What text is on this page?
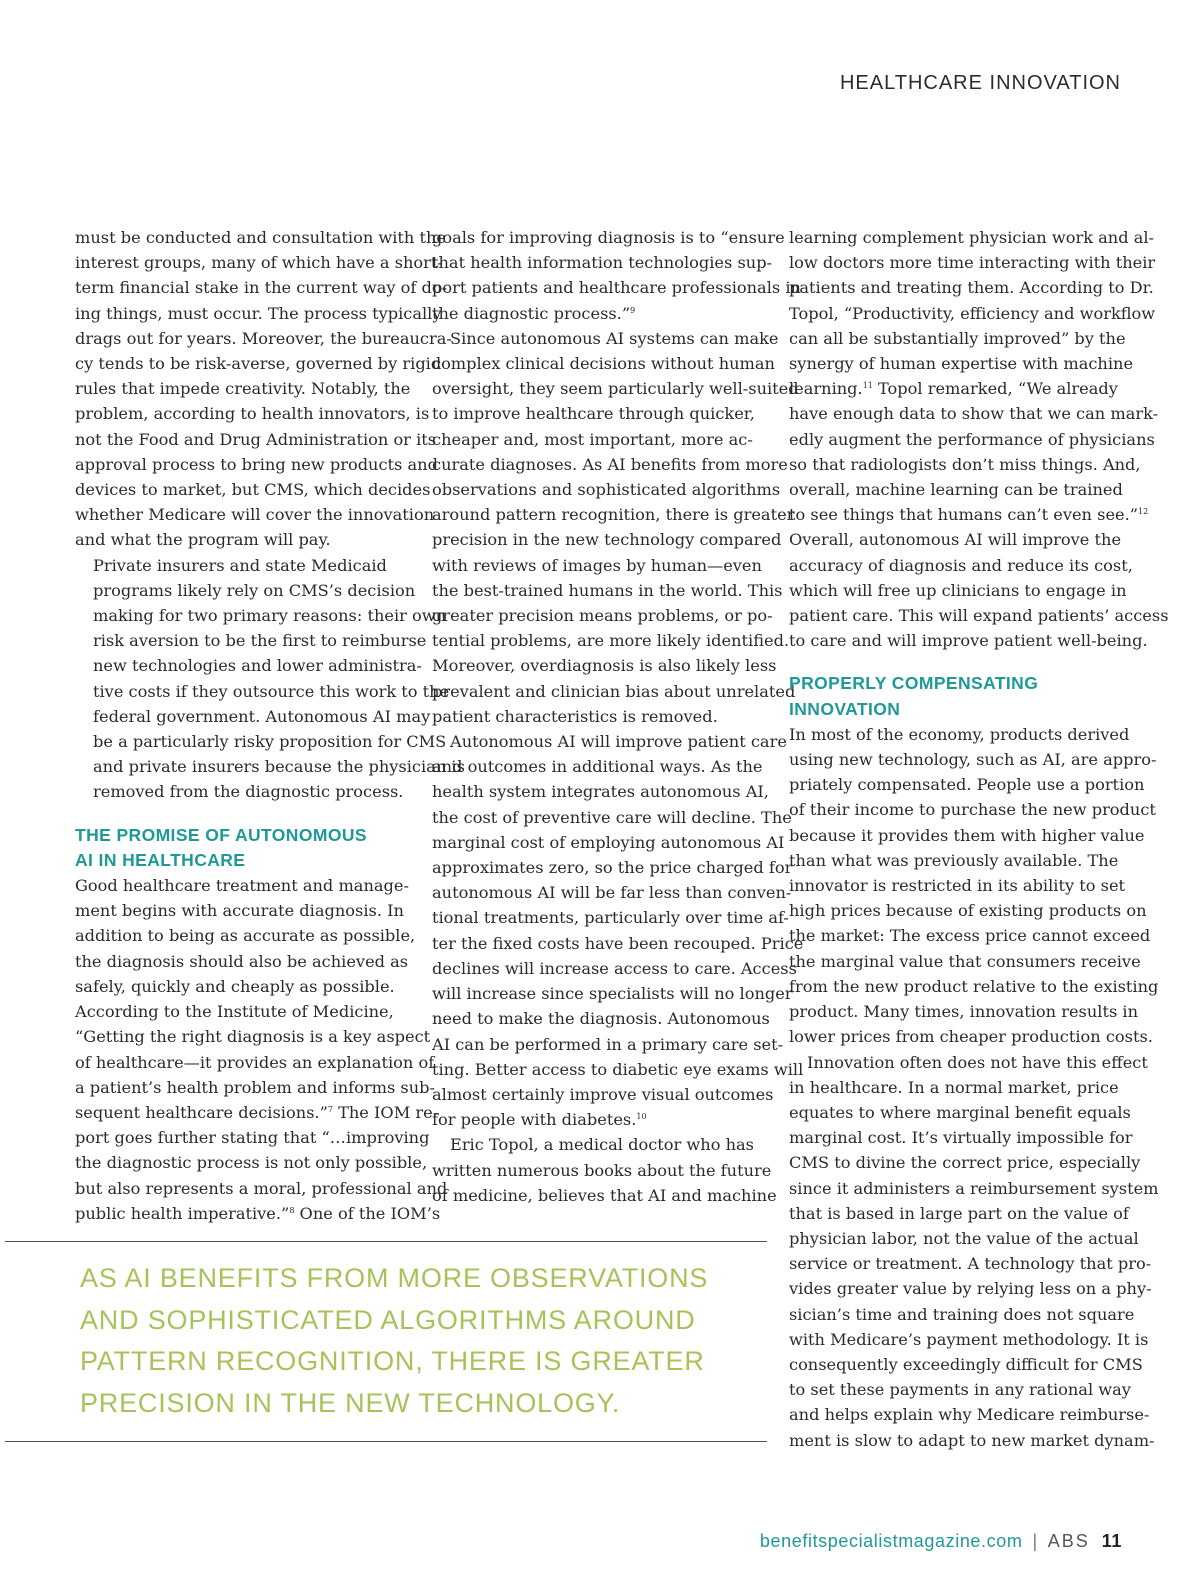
HEALTHCARE INNOVATION

must be conducted and consultation with the
interest groups, many of which have a short-
term financial stake in the current way of do-
ing things, must occur. The process typically
drags out for years. Moreover, the bureaucra-
cy tends to be risk-averse, governed by rigid
rules that impede creativity. Notably, the
problem, according to health innovators, is
not the Food and Drug Administration or its
approval process to bring new products and
devices to market, but CMS, which decides
whether Medicare will cover the innovation
and what the program will pay.

Private insurers and state Medicaid
programs likely rely on CMS’s decision
making for two primary reasons: their own
risk aversion to be the first to reimburse
new technologies and lower administra-
tive costs if they outsource this work to the
federal government. Autonomous AI may
be a particularly risky proposition for CMS
and private insurers because the physician is
removed from the diagnostic process.

THE PROMISE OF AUTONOMOUS
AI IN HEALTHCARE

Good healthcare treatment and manage-
ment begins with accurate diagnosis. In
addition to being as accurate as possible,
the diagnosis should also be achieved as
safely, quickly and cheaply as possible.
According to the Institute of Medicine,
“Getting the right diagnosis is a key aspect
of healthcare—it provides an explanation of
a patient’s health problem and informs sub-
sequent healthcare decisions.”$^7$ The IOM re-
port goes further stating that “…improving
the diagnostic process is not only possible,
but also represents a moral, professional and
public health imperative.”$^8$ One of the IOM’s

goals for improving diagnosis is to “ensure
that health information technologies sup-
port patients and healthcare professionals in
the diagnostic process.”$^9$

Since autonomous AI systems can make
complex clinical decisions without human
oversight, they seem particularly well-suited
to improve healthcare through quicker,
cheaper and, most important, more ac-
curate diagnoses. As AI benefits from more
observations and sophisticated algorithms
around pattern recognition, there is greater
precision in the new technology compared
with reviews of images by human—even
the best-trained humans in the world. This
greater precision means problems, or po-
tential problems, are more likely identified.
Moreover, overdiagnosis is also likely less
prevalent and clinician bias about unrelated
patient characteristics is removed.

Autonomous AI will improve patient care
and outcomes in additional ways. As the
health system integrates autonomous AI,
the cost of preventive care will decline. The
marginal cost of employing autonomous AI
approximates zero, so the price charged for
autonomous AI will be far less than conven-
tional treatments, particularly over time af-
ter the fixed costs have been recouped. Price
declines will increase access to care. Access
will increase since specialists will no longer
need to make the diagnosis. Autonomous
AI can be performed in a primary care set-
ting. Better access to diabetic eye exams will
almost certainly improve visual outcomes
for people with diabetes.$^{10}$

Eric Topol, a medical doctor who has
written numerous books about the future
of medicine, believes that AI and machine

learning complement physician work and al-
low doctors more time interacting with their
patients and treating them. According to Dr.
Topol, “Productivity, efficiency and workflow
can all be substantially improved” by the
synergy of human expertise with machine
learning.$^{11}$ Topol remarked, “We already
have enough data to show that we can mark-
edly augment the performance of physicians
so that radiologists don’t miss things. And,
overall, machine learning can be trained
to see things that humans can’t even see.”$^{12}$
Overall, autonomous AI will improve the
accuracy of diagnosis and reduce its cost,
which will free up clinicians to engage in
patient care. This will expand patients’ access
to care and will improve patient well-being.

PROPERLY COMPENSATING
INNOVATION

In most of the economy, products derived
using new technology, such as AI, are appro-
priately compensated. People use a portion
of their income to purchase the new product
because it provides them with higher value
than what was previously available. The
innovator is restricted in its ability to set
high prices because of existing products on
the market: The excess price cannot exceed
the marginal value that consumers receive
from the new product relative to the existing
product. Many times, innovation results in
lower prices from cheaper production costs.

Innovation often does not have this effect
in healthcare. In a normal market, price
equates to where marginal benefit equals
marginal cost. It’s virtually impossible for
CMS to divine the correct price, especially
since it administers a reimbursement system
that is based in large part on the value of
physician labor, not the value of the actual
service or treatment. A technology that pro-
vides greater value by relying less on a phy-
sician’s time and training does not square
with Medicare’s payment methodology. It is
consequently exceedingly difficult for CMS
to set these payments in any rational way
and helps explain why Medicare reimburse-
ment is slow to adapt to new market dynam-

AS AI BENEFITS FROM MORE OBSERVATIONS
AND SOPHISTICATED ALGORITHMS AROUND
PATTERN RECOGNITION, THERE IS GREATER
PRECISION IN THE NEW TECHNOLOGY.
benefitspecialistmagazine.com | ABS 11
